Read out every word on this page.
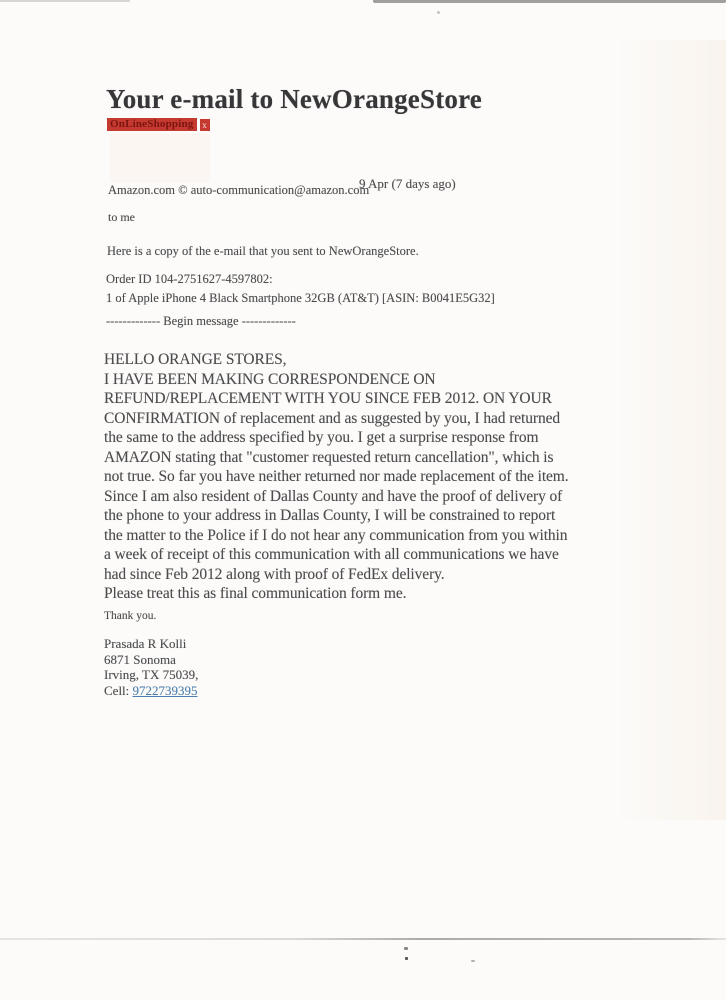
Your e-mail to NewOrangeStore
OnLineShopping x
Amazon.com © auto-communication@amazon.com
9 Apr (7 days ago)
to me
Here is a copy of the e-mail that you sent to NewOrangeStore.
Order ID 104-2751627-4597802:
1 of Apple iPhone 4 Black Smartphone 32GB (AT&T) [ASIN: B0041E5G32]
------------- Begin message -------------
HELLO ORANGE STORES,
I HAVE BEEN MAKING CORRESPONDENCE ON
REFUND/REPLACEMENT WITH YOU SINCE FEB 2012. ON YOUR
CONFIRMATION of replacement and as suggested by you, I had returned
the same to the address specified by you. I get a surprise response from
AMAZON stating that "customer requested return cancellation", which is
not true. So far you have neither returned nor made replacement of the item.
Since I am also resident of Dallas County and have the proof of delivery of
the phone to your address in Dallas County, I will be constrained to report
the matter to the Police if I do not hear any communication from you within
a week of receipt of this communication with all communications we have
had since Feb 2012 along with proof of FedEx delivery.
Please treat this as final communication form me.
Thank you.
Prasada R Kolli
6871 Sonoma
Irving, TX 75039,
Cell: 9722739395
